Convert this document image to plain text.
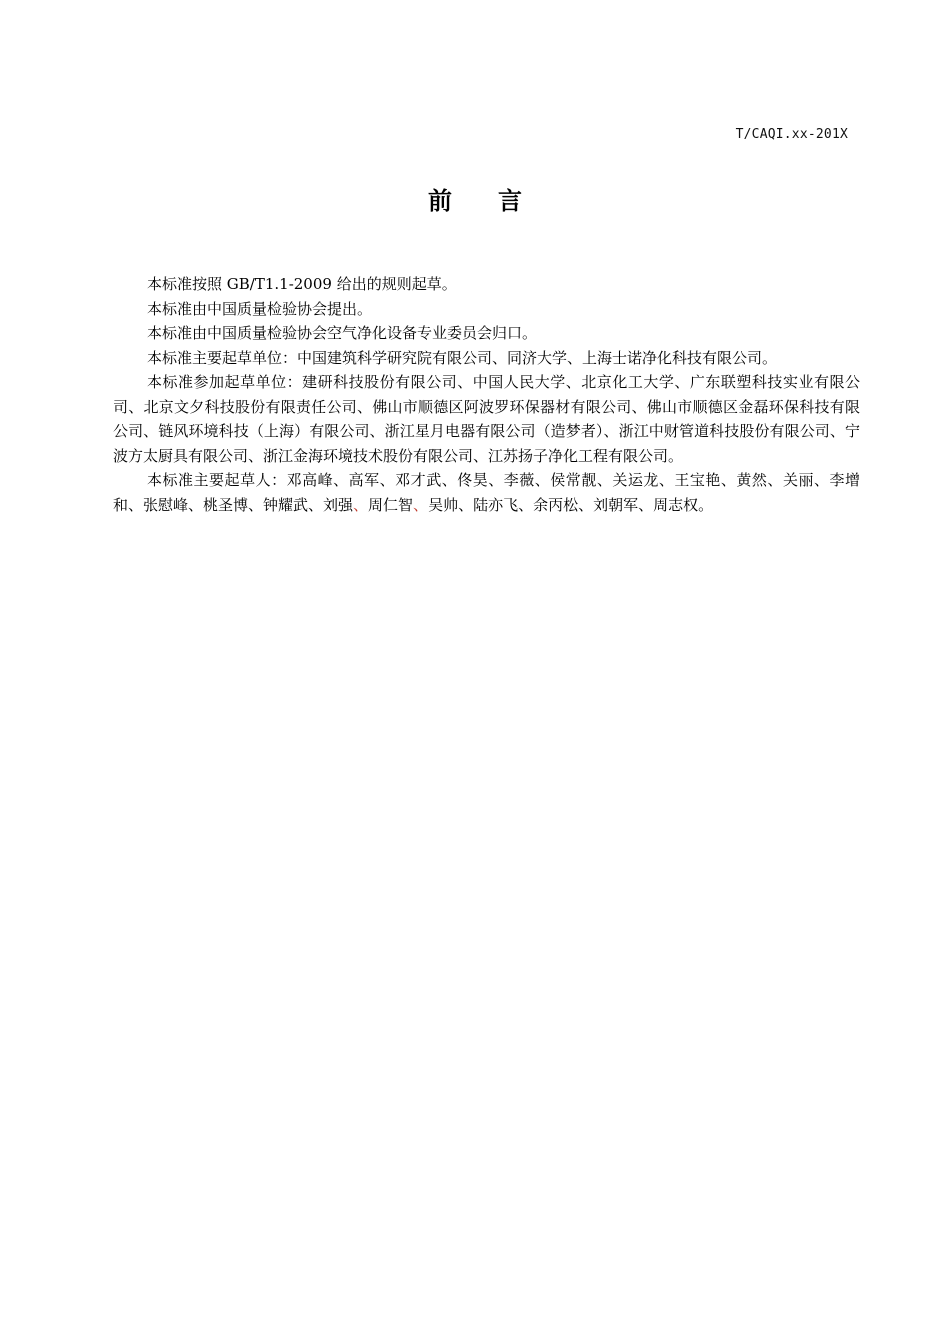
T/CAQI.xx-201X
前言

本标准按照 GB/T1.1-2009 给出的规则起草。

本标准由中国质量检验协会提出。

本标准由中国质量检验协会空气净化设备专业委员会归口。

本标准主要起草单位：中国建筑科学研究院有限公司、同济大学、上海士诺净化科技有限公司。

本标准参加起草单位：建研科技股份有限公司、中国人民大学、北京化工大学、广东联塑科技实业有限公司、北京文夕科技股份有限责任公司、佛山市顺德区阿波罗环保器材有限公司、佛山市顺德区金磊环保科技有限公司、链风环境科技（上海）有限公司、浙江星月电器有限公司（造梦者）、浙江中财管道科技股份有限公司、宁波方太厨具有限公司、浙江金海环境技术股份有限公司、江苏扬子净化工程有限公司。

本标准主要起草人：邓高峰、高军、邓才武、佟昊、李薇、侯常靓、关运龙、王宝艳、黄然、关丽、李增和、张慰峰、桃圣博、钟耀武、刘强、周仁智、吴帅、陆亦飞、余丙松、刘朝军、周志权。
